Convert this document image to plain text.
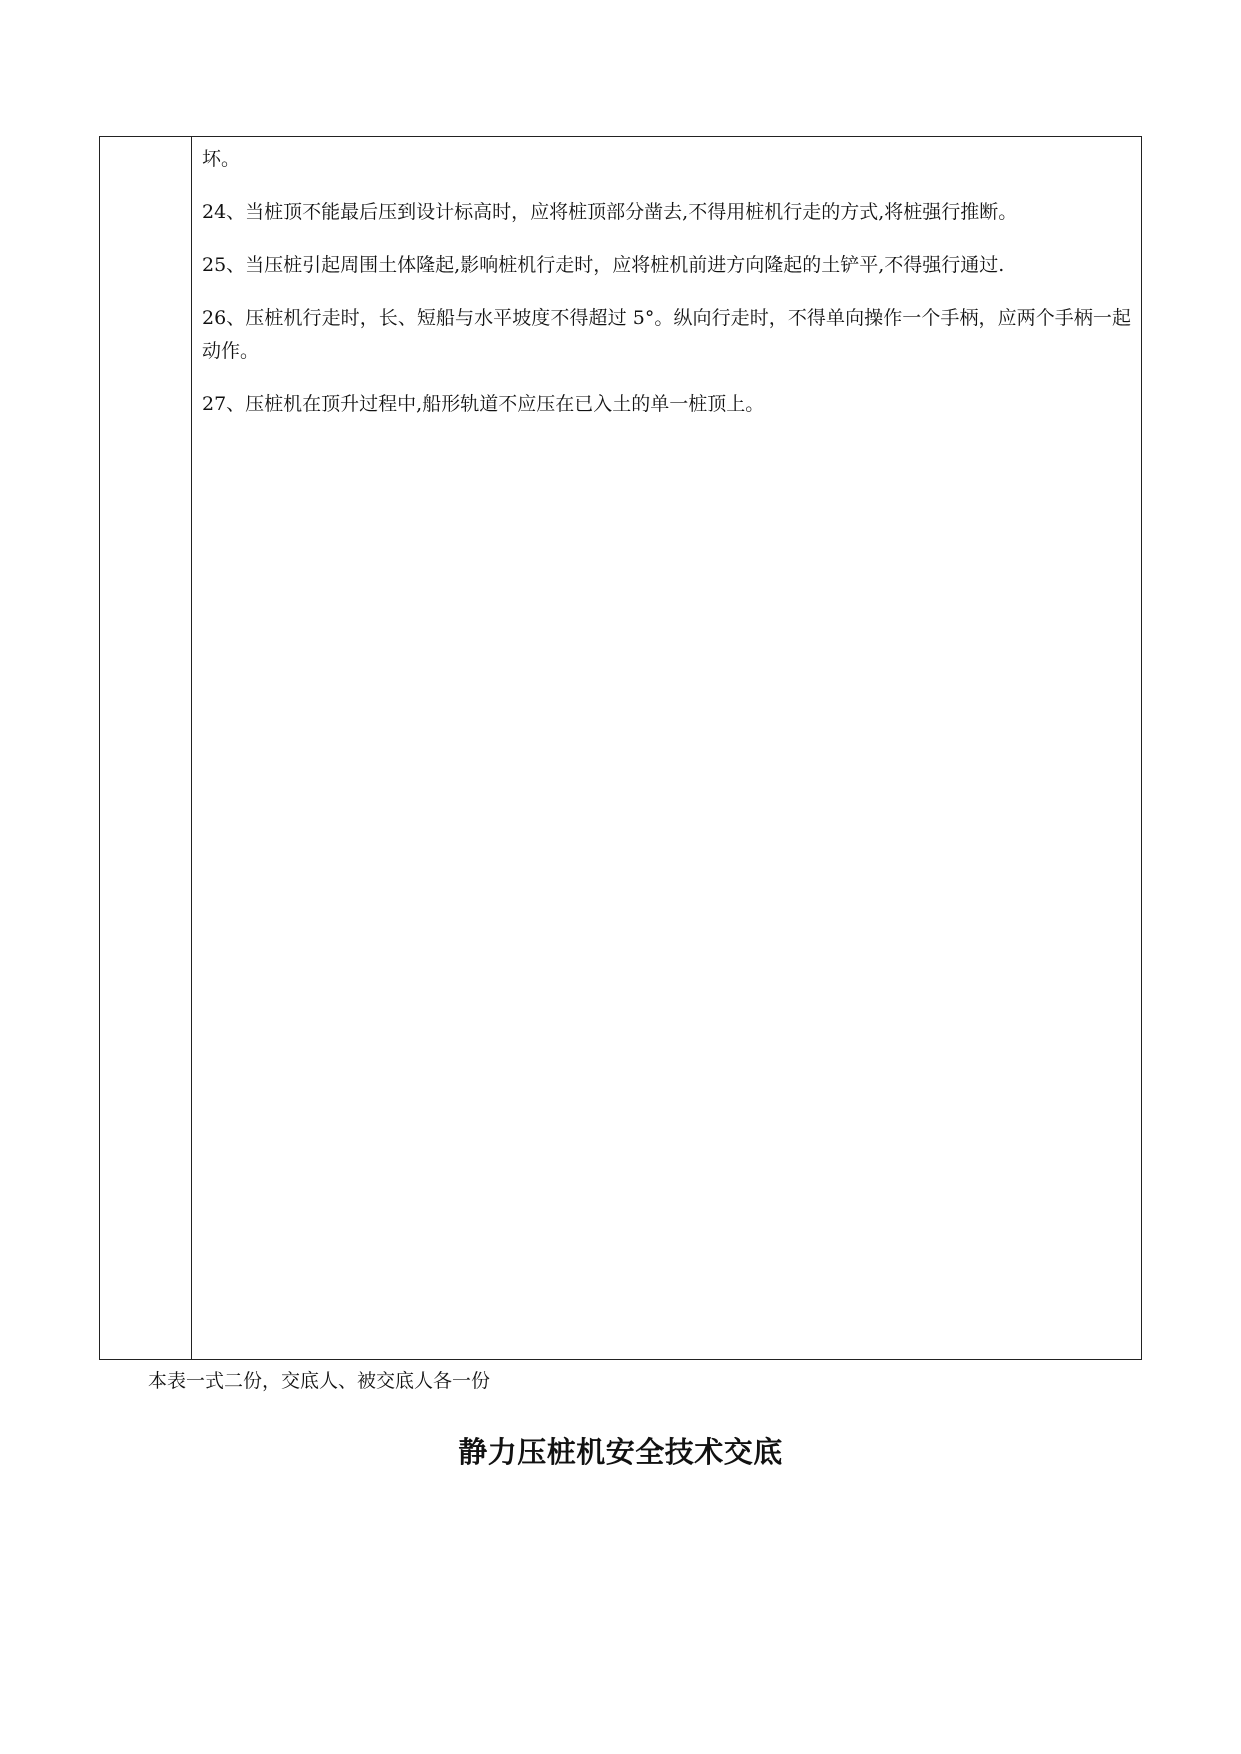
坏。

24、当桩顶不能最后压到设计标高时，应将桩顶部分凿去,不得用桩机行走的方式,将桩强行推断。

25、当压桩引起周围土体隆起,影响桩机行走时，应将桩机前进方向隆起的土铲平,不得强行通过.

26、压桩机行走时，长、短船与水平坡度不得超过 5°。纵向行走时，不得单向操作一个手柄，应两个手柄一起动作。

27、压桩机在顶升过程中,船形轨道不应压在已入土的单一桩顶上。

本表一式二份，交底人、被交底人各一份
静力压桩机安全技术交底
